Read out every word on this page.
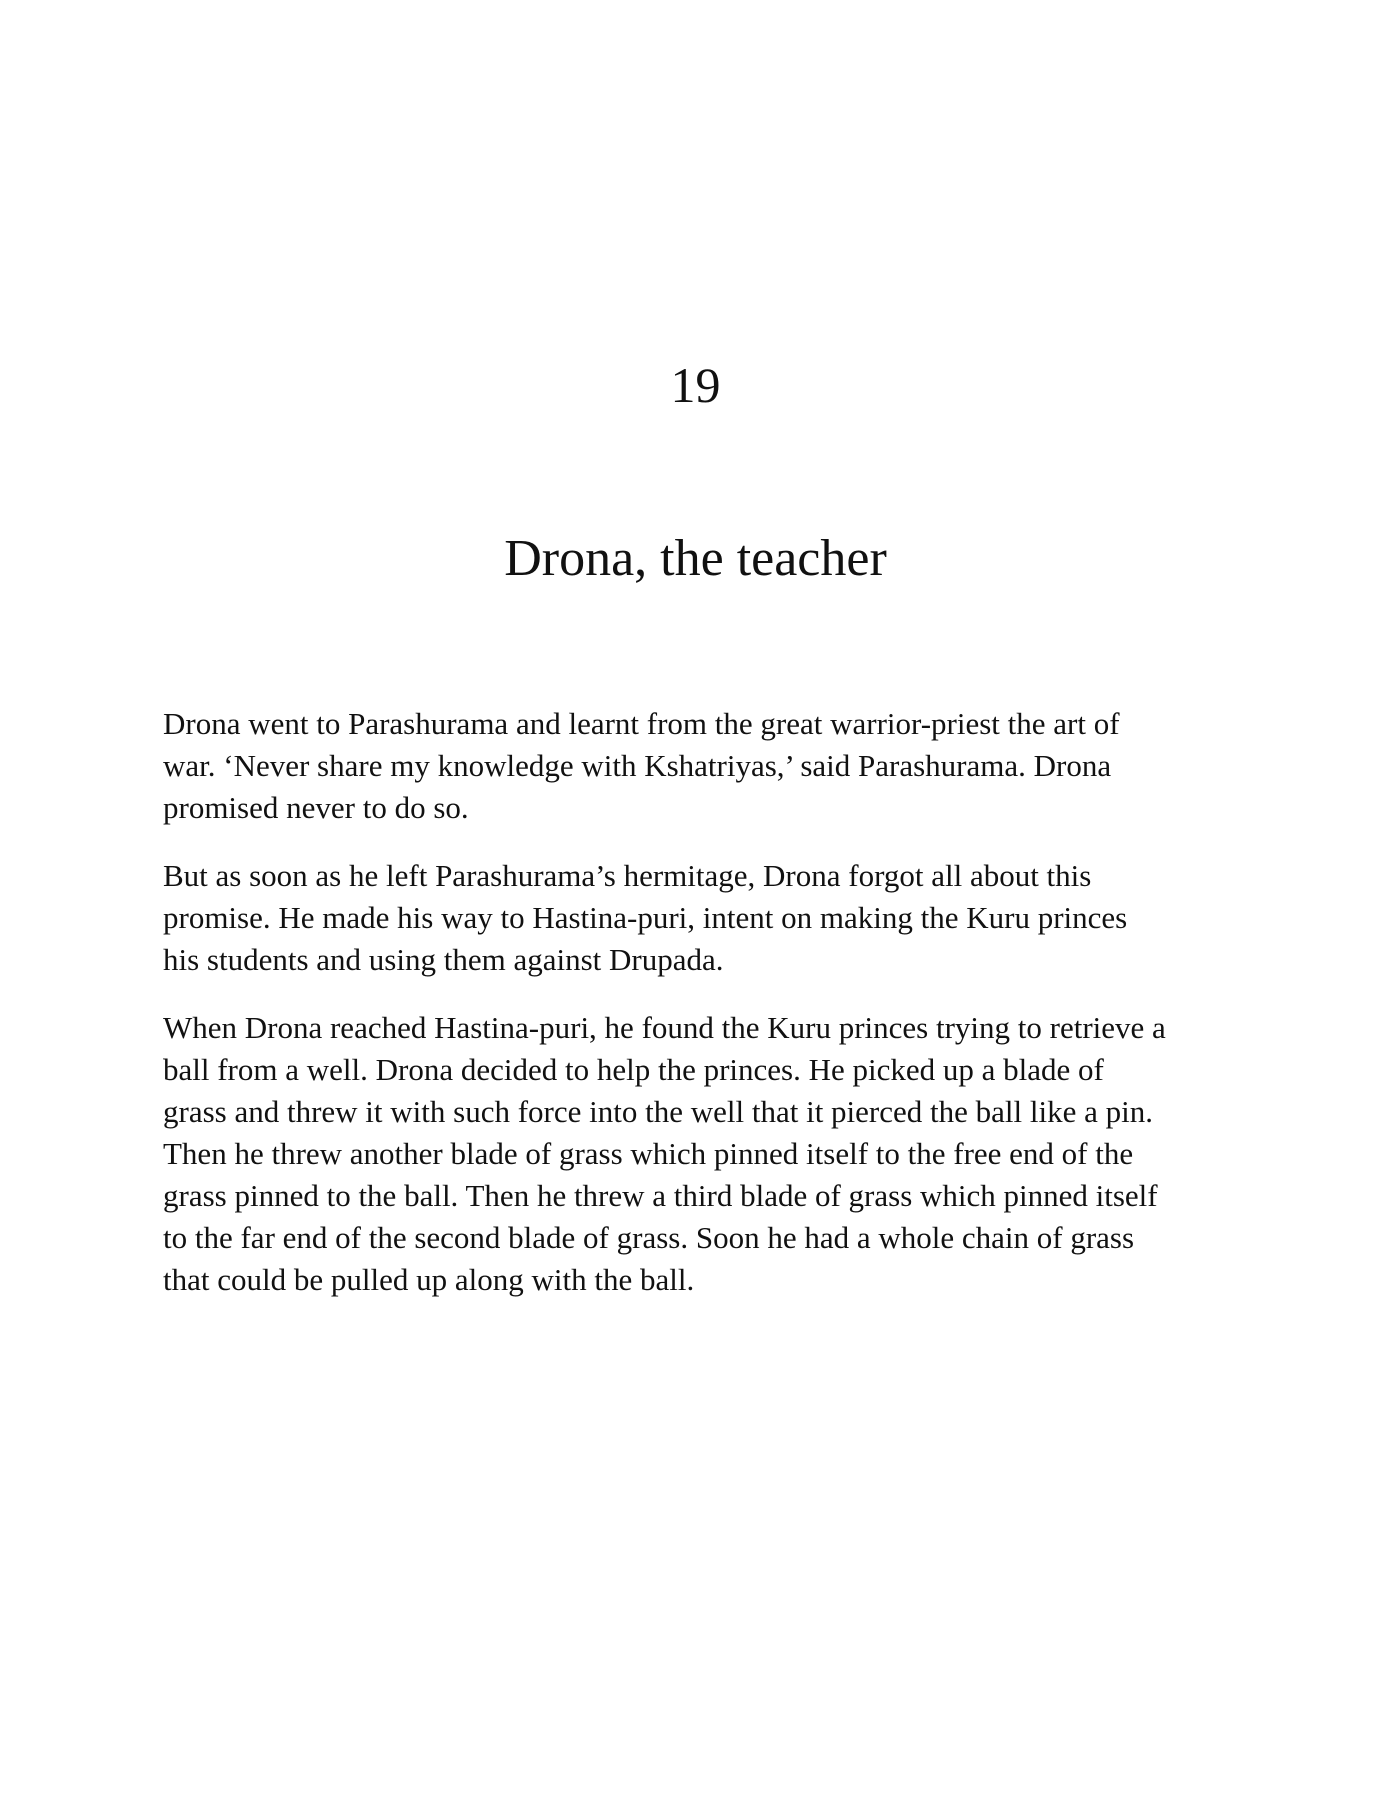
19
Drona, the teacher

Drona went to Parashurama and learnt from the great warrior-priest the art of
war. ‘Never share my knowledge with Kshatriyas,’ said Parashurama. Drona
promised never to do so.

But as soon as he left Parashurama’s hermitage, Drona forgot all about this
promise. He made his way to Hastina-puri, intent on making the Kuru princes
his students and using them against Drupada.

When Drona reached Hastina-puri, he found the Kuru princes trying to retrieve a
ball from a well. Drona decided to help the princes. He picked up a blade of
grass and threw it with such force into the well that it pierced the ball like a pin.
Then he threw another blade of grass which pinned itself to the free end of the
grass pinned to the ball. Then he threw a third blade of grass which pinned itself
to the far end of the second blade of grass. Soon he had a whole chain of grass
that could be pulled up along with the ball.
